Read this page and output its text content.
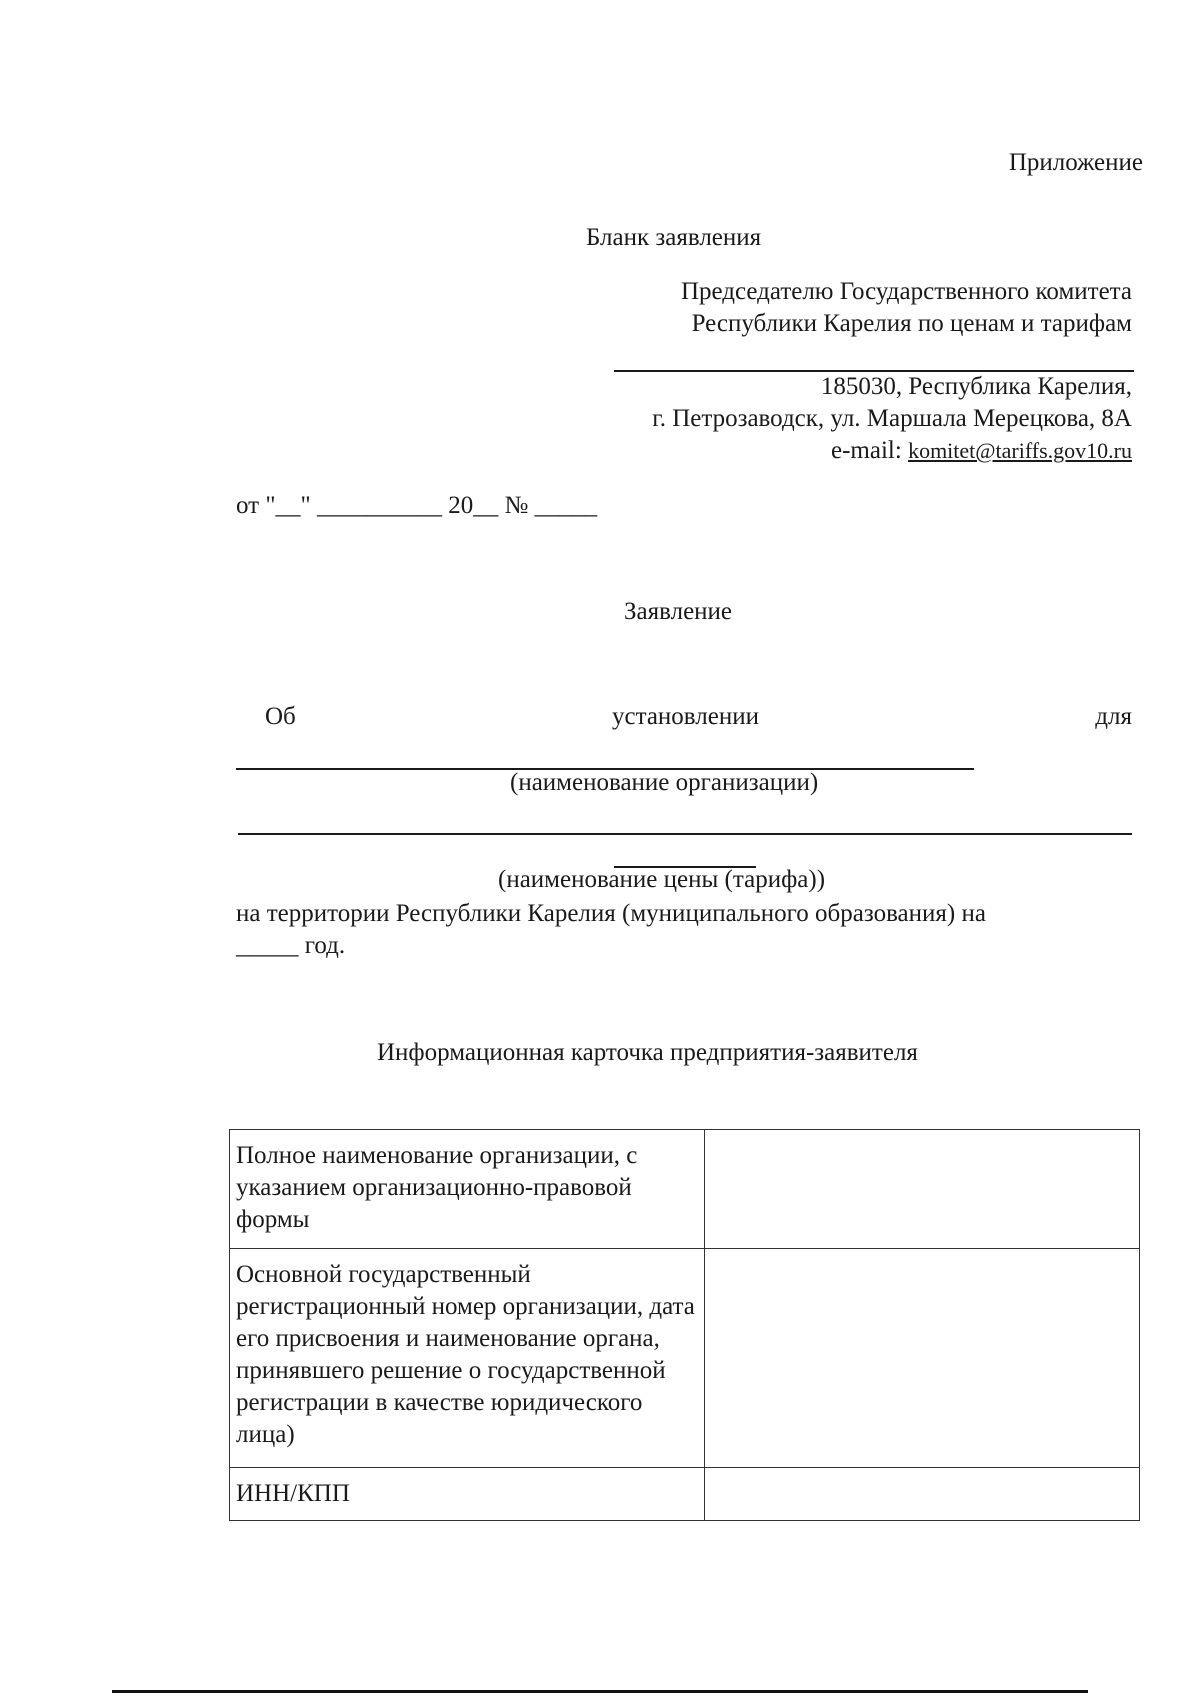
Приложение
Бланк заявления
Председателю Государственного комитета
Республики Карелия по ценам и тарифам
185030, Республика Карелия,
г. Петрозаводск, ул. Маршала Мерецкова, 8А
e-mail: komitet@tariffs.gov10.ru
от "__" __________ 20__ № _____
Заявление
Об	установлении	для
(наименование организации)
(наименование цены (тарифа))
на территории Республики Карелия (муниципального образования) на
_____ год.
Информационная карточка предприятия-заявителя
Полное наименование организации, с указанием организационно-правовой формы	
Основной государственный регистрационный номер организации, дата его присвоения и наименование органа, принявшего решение о государственной регистрации в качестве юридического лица)	
ИНН/КПП	
